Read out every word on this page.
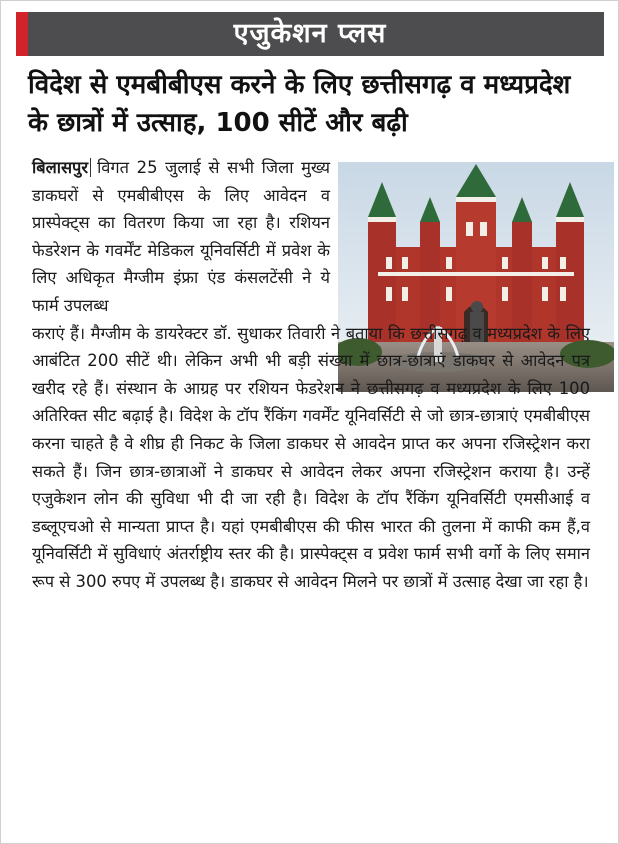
एजुकेशन प्लस
विदेश से एमबीबीएस करने के लिए छत्तीसगढ़ व मध्यप्रदेश के छात्रों में उत्साह, 100 सीटें और बढ़ी
बिलासपुर विगत 25 जुलाई से सभी जिला मुख्य डाकघरों से एमबीबीएस के लिए आवेदन व प्रास्पेक्ट्स का वितरण किया जा रहा है। रशियन फेडरेशन के गवर्मेंट मेडिकल यूनिवर्सिटी में प्रवेश के लिए अधिकृत मैग्जीम इंफ्रा एंड कंसलटेंसी ने ये फार्म उपलब्ध
कराएं हैं। मैग्जीम के डायरेक्टर डॉ. सुधाकर तिवारी ने बताया कि छत्तीसगढ़ व मध्यप्रदेश के लिए आबंटित 200 सीटें थी। लेकिन अभी भी बड़ी संख्या में छात्र-छात्राएं डाकघर से आवेदन पत्र खरीद रहे हैं। संस्थान के आग्रह पर रशियन फेडरेशन ने छत्तीसगढ़ व मध्यप्रदेश के लिए 100 अतिरिक्त सीट बढ़ाई है। विदेश के टॉप रैंकिंग गवर्मेंट यूनिवर्सिटी से जो छात्र-छात्राएं एमबीबीएस करना चाहते है वे शीघ्र ही निकट के जिला डाकघर से आवदेन प्राप्त कर अपना रजिस्ट्रेशन करा सकते हैं। जिन छात्र-छात्राओं ने डाकघर से आवेदन लेकर अपना रजिस्ट्रेशन कराया है। उन्हें एजुकेशन लोन की सुविधा भी दी जा रही है। विदेश के टॉप रैंकिंग यूनिवर्सिटी एमसीआई व डब्लूएचओ से मान्यता प्राप्त है। यहां एमबीबीएस की फीस भारत की तुलना में काफी कम हैं,व यूनिवर्सिटी में सुविधाएं अंतर्राष्ट्रीय स्तर की है। प्रास्पेक्ट्स व प्रवेश फार्म सभी वर्गो के लिए समान रूप से 300 रुपए में उपलब्ध है। डाकघर से आवेदन मिलने पर छात्रों में उत्साह देखा जा रहा है।
